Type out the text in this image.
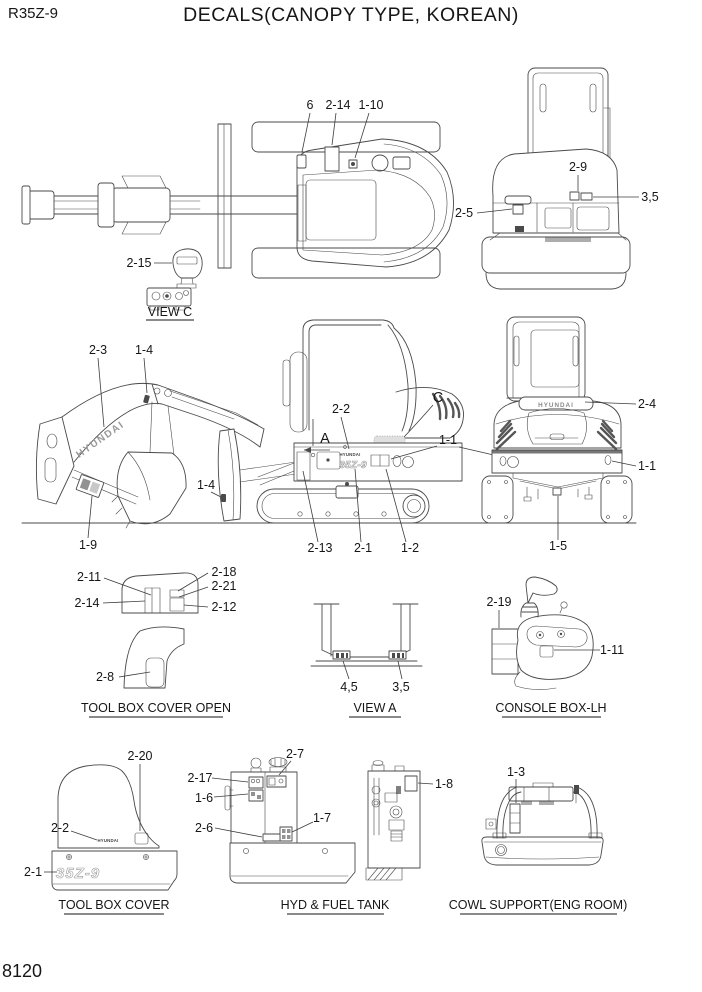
R35Z-9	DECALS(CANOPY TYPE, KOREAN)
6 2-14 1-10
2-9
3,5
2-5
2-15
VIEW C
HYUNDAI
2-3 1-4
1-9
1-4
HYUNDAI
35Z-9
A
C
2-2
1-1
2-13 2-1 1-2
HYUNDAI	2-4
1-1
1-5
2-11
2-14
2-18
2-21
2-12
2-8
TOOL BOX COVER OPEN
4,5	3,5
VIEW A
2-19
1-11
CONSOLE BOX-LH
HYUNDAI
35Z-9
2-20
2-2
2-1
TOOL BOX COVER
2-7
2-17
1-6
2-6
1-7
1-8
HYD & FUEL TANK
1-3
COWL SUPPORT(ENG ROOM)
8120
